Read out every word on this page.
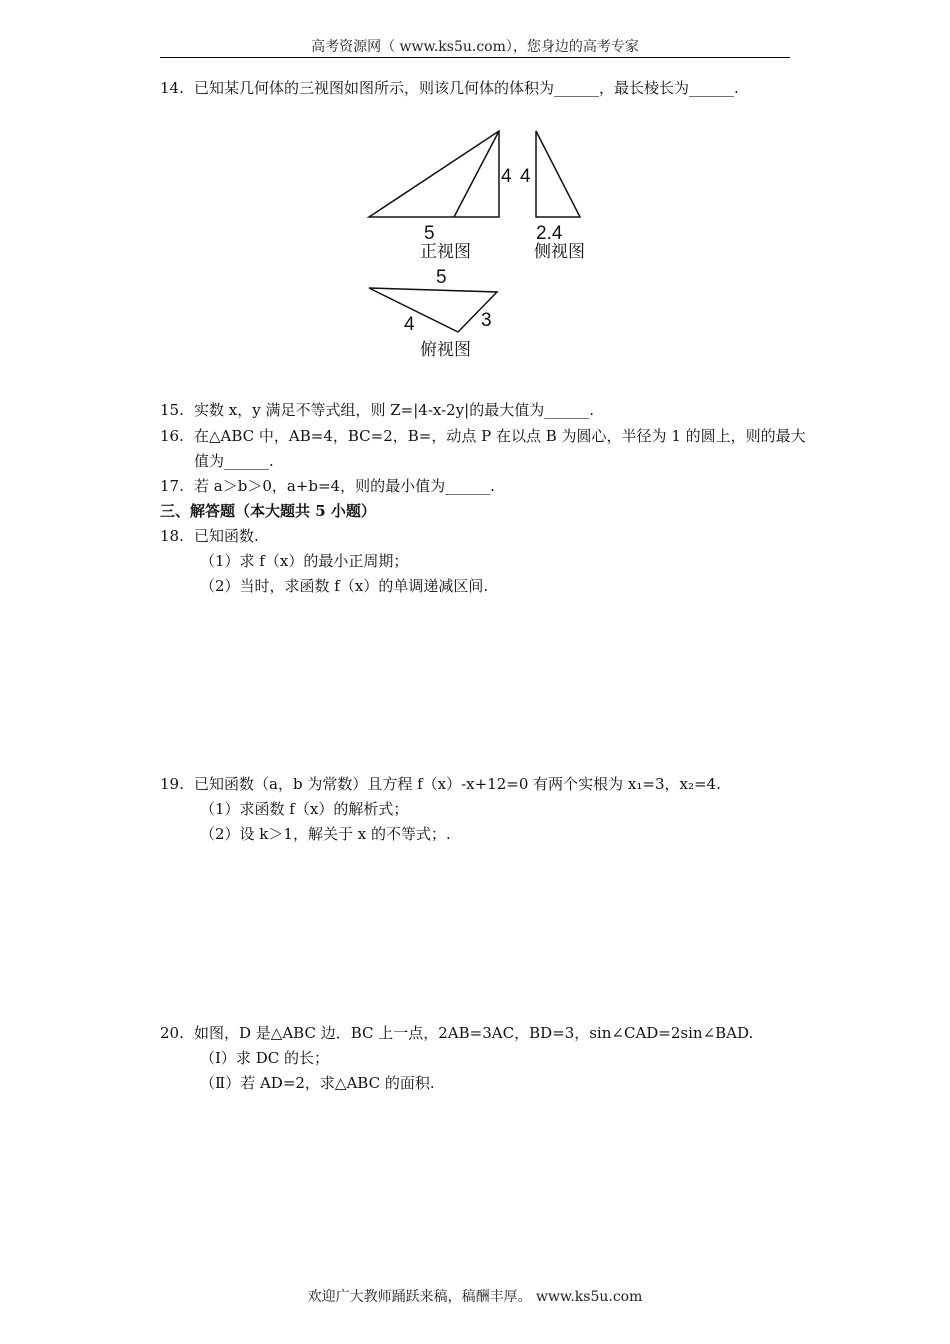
高考资源网（ www.ks5u.com），您身边的高考专家
14. 已知某几何体的三视图如图所示，则该几何体的体积为______，最长棱长为______.
5
4
正视图
4
2.4
侧视图
5
4	3
俯视图
15. 实数 x，y 满足不等式组，则 Z=|4-x-2y|的最大值为______.
16. 在△ABC 中，AB=4，BC=2，B=，动点 P 在以点 B 为圆心，半径为 1 的圆上，则的最大
值为______.
17. 若 a＞b＞0，a+b=4，则的最小值为______.
三、解答题（本大题共 5 小题）
18. 已知函数.
（1）求 f（x）的最小正周期；
（2）当时，求函数 f（x）的单调递减区间.
19. 已知函数（a，b 为常数）且方程 f（x）-x+12=0 有两个实根为 x₁=3，x₂=4.
（1）求函数 f（x）的解析式；
（2）设 k＞1，解关于 x 的不等式；.
20. 如图，D 是△ABC 边．BC 上一点，2AB=3AC，BD=3，sin∠CAD=2sin∠BAD.
（Ⅰ）求 DC 的长；
（Ⅱ）若 AD=2，求△ABC 的面积.
欢迎广大教师踊跃来稿，稿酬丰厚。 www.ks5u.com
